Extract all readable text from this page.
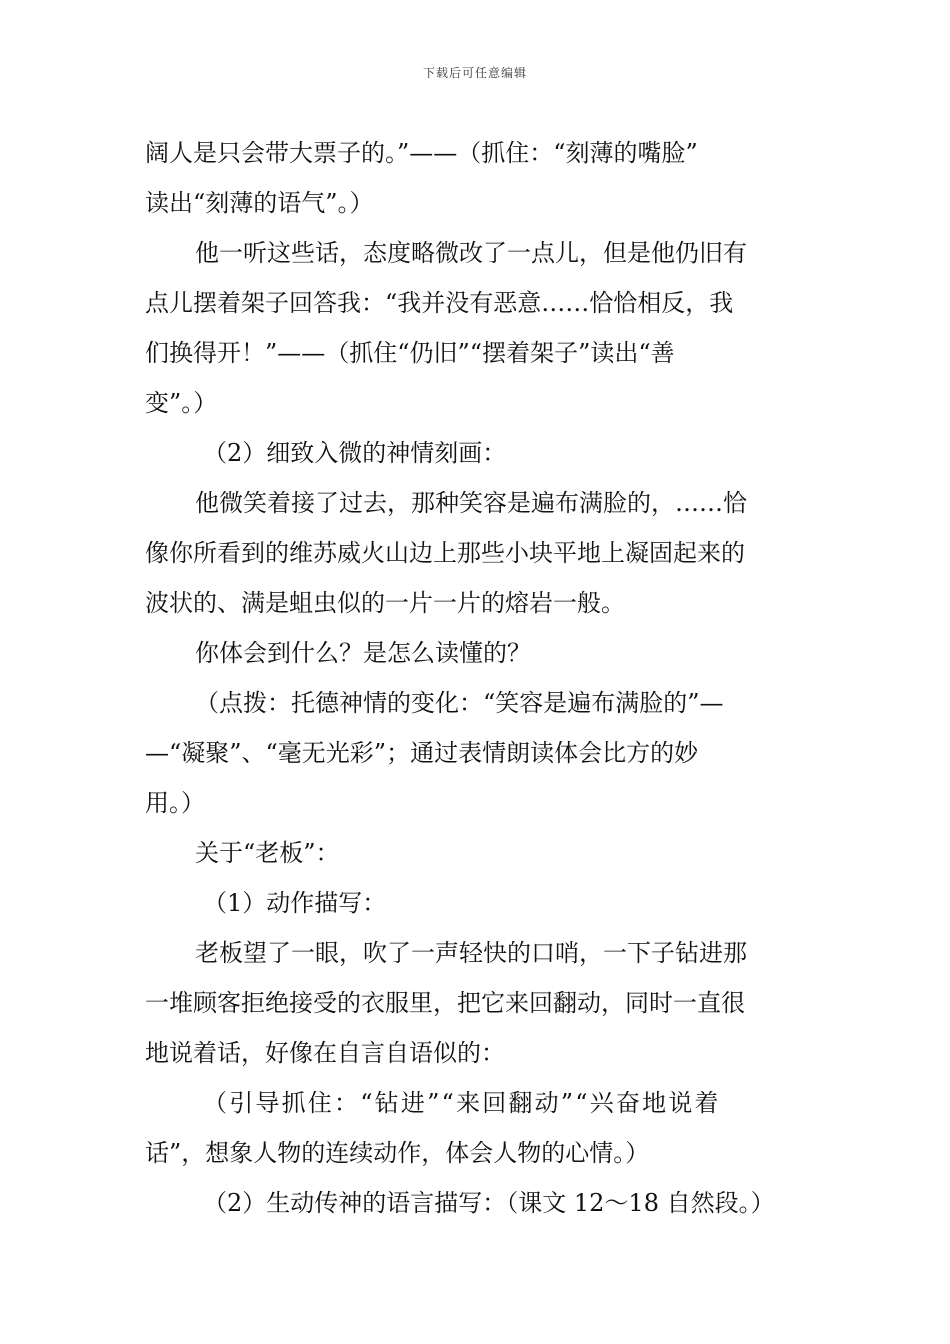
下载后可任意编辑

阔人是只会带大票子的。”——（抓住：“刻薄的嘴脸”
读出“刻薄的语气”。）

他一听这些话，态度略微改了一点儿，但是他仍旧有
点儿摆着架子回答我：“我并没有恶意……恰恰相反，我
们换得开！”——（抓住“仍旧”“摆着架子”读出“善
变”。）

（2）细致入微的神情刻画：

他微笑着接了过去，那种笑容是遍布满脸的，……恰
像你所看到的维苏威火山边上那些小块平地上凝固起来的
波状的、满是蛆虫似的一片一片的熔岩一般。

你体会到什么？是怎么读懂的？

（点拨：托德神情的变化：“笑容是遍布满脸的”—
—“凝聚”、“毫无光彩”；通过表情朗读体会比方的妙
用。）

关于“老板”：

（1）动作描写：

老板望了一眼，吹了一声轻快的口哨，一下子钻进那
一堆顾客拒绝接受的衣服里，把它来回翻动，同时一直很
地说着话，好像在自言自语似的：

（引导抓住：“钻进”“来回翻动”“兴奋地说着
话”，想象人物的连续动作，体会人物的心情。）

（2）生动传神的语言描写：（课文 12～18 自然段。）
